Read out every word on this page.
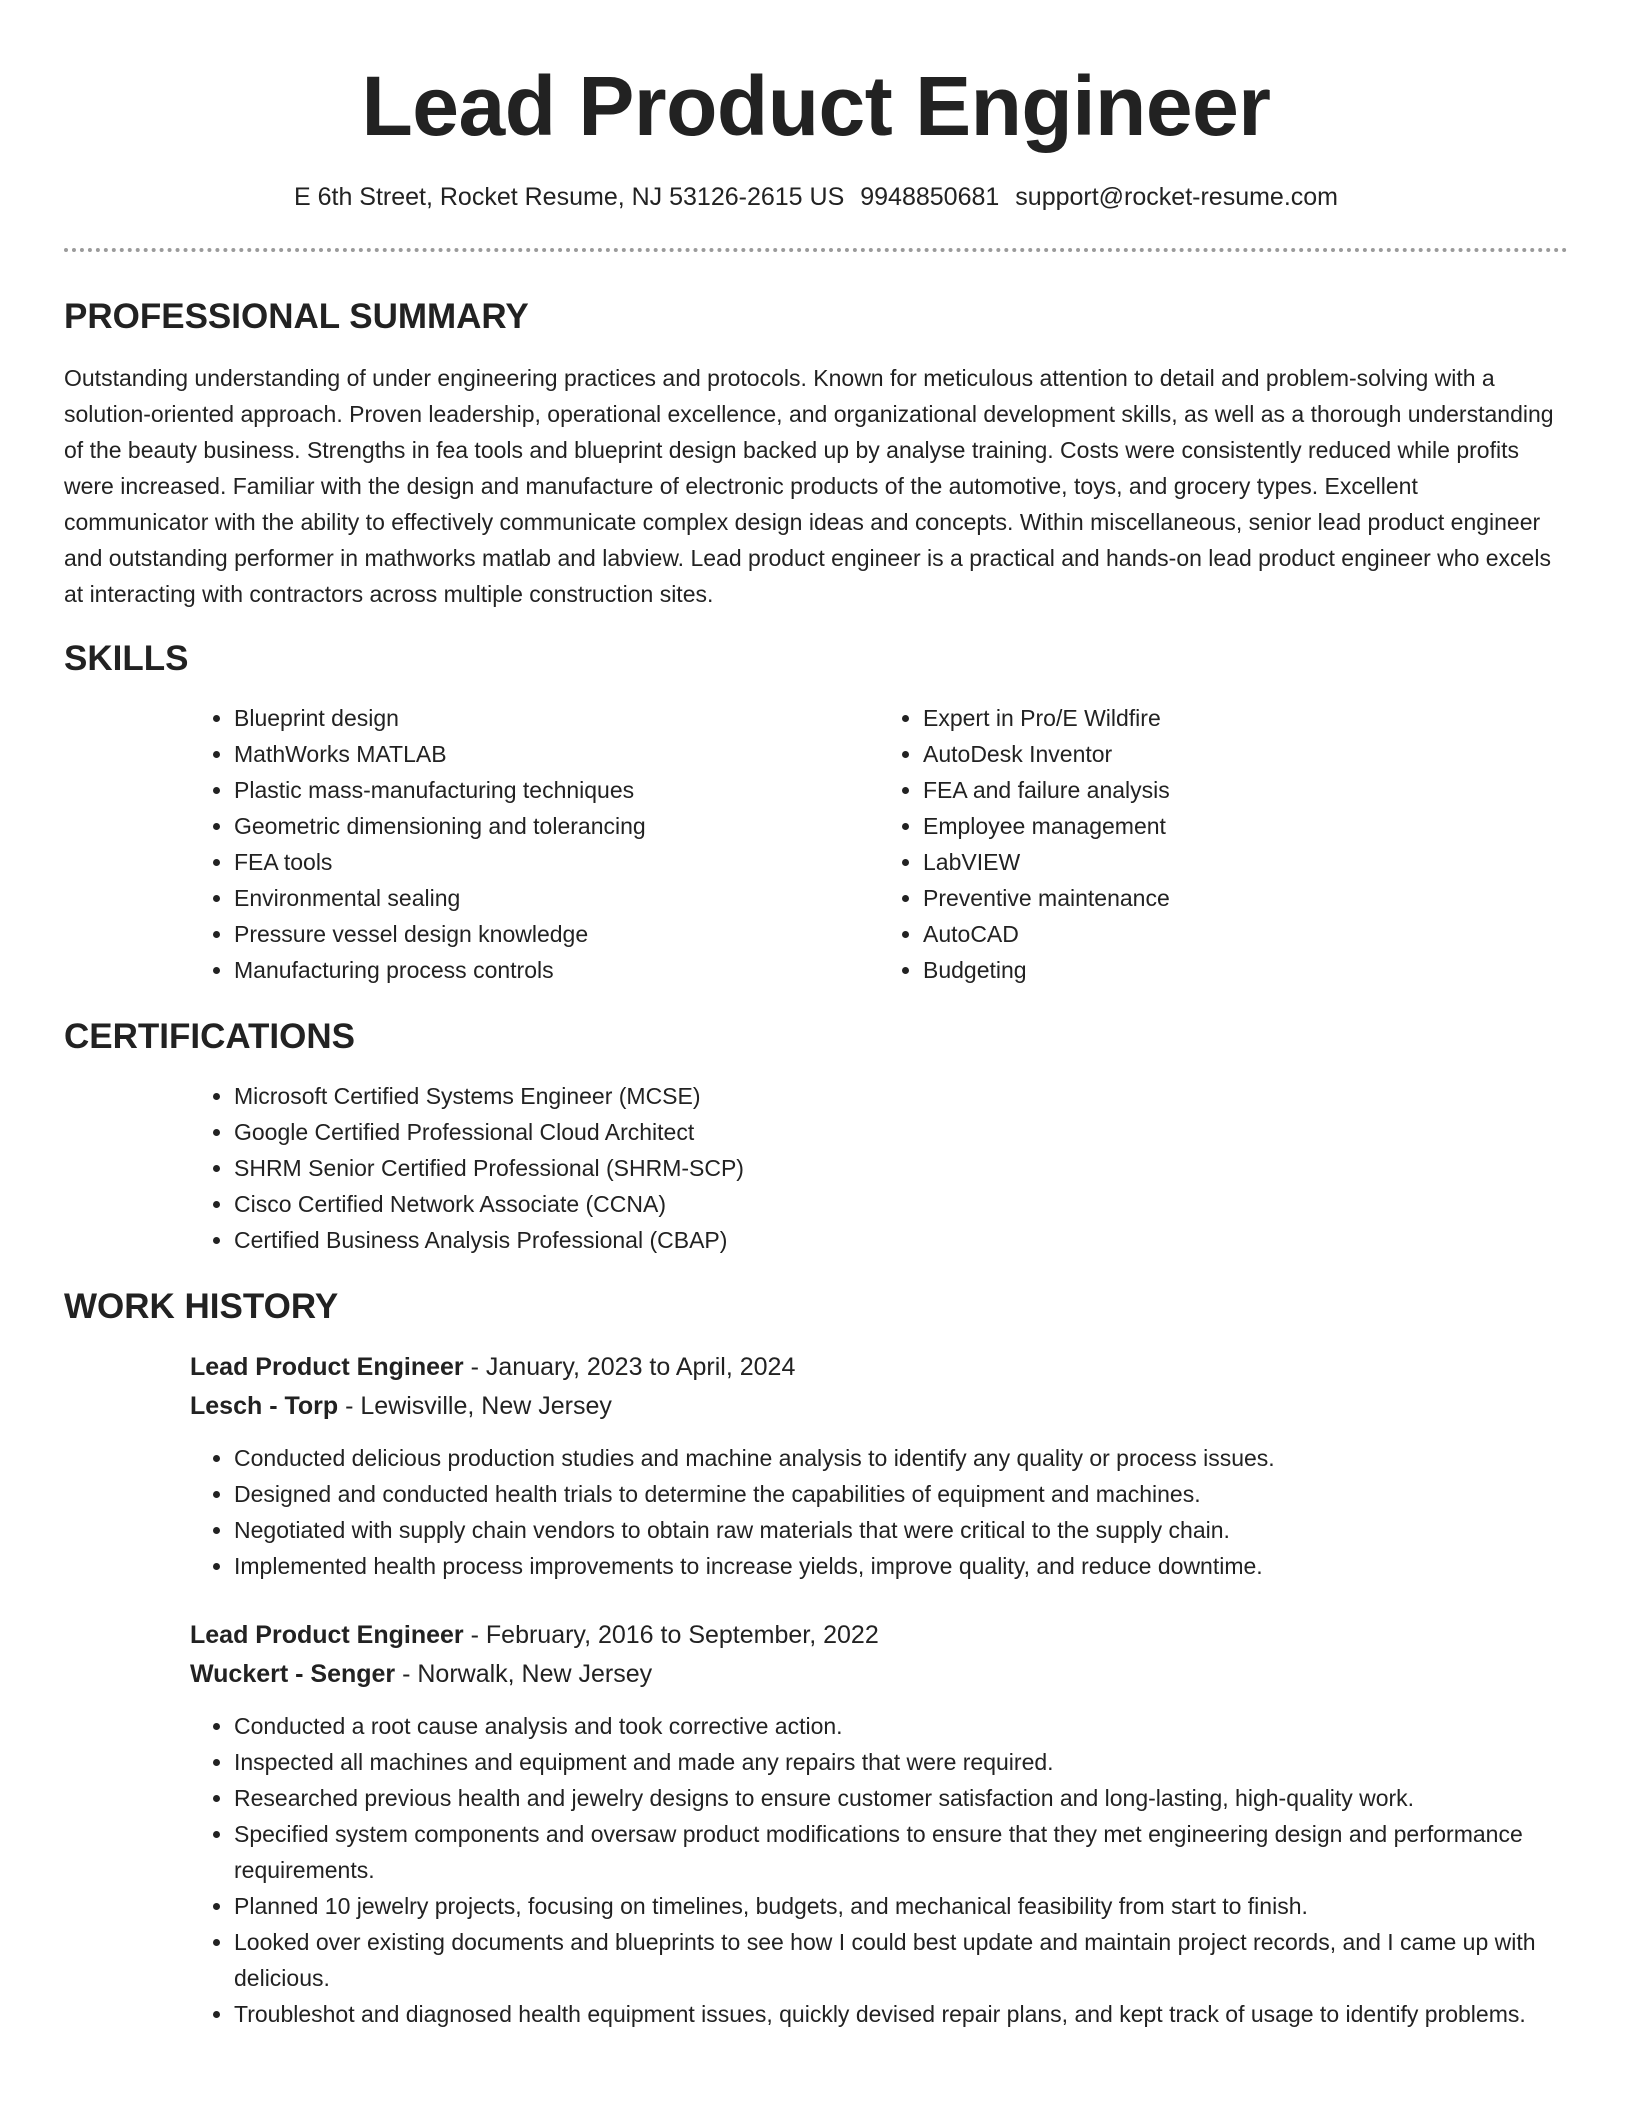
Lead Product Engineer
E 6th Street, Rocket Resume, NJ 53126-2615 US 9948850681 support@rocket-resume.com
PROFESSIONAL SUMMARY

Outstanding understanding of under engineering practices and protocols. Known for meticulous attention to detail and problem-solving with a solution-oriented approach. Proven leadership, operational excellence, and organizational development skills, as well as a thorough understanding of the beauty business. Strengths in fea tools and blueprint design backed up by analyse training. Costs were consistently reduced while profits were increased. Familiar with the design and manufacture of electronic products of the automotive, toys, and grocery types. Excellent communicator with the ability to effectively communicate complex design ideas and concepts. Within miscellaneous, senior lead product engineer and outstanding performer in mathworks matlab and labview. Lead product engineer is a practical and hands-on lead product engineer who excels at interacting with contractors across multiple construction sites.

SKILLS
• Blueprint design
• MathWorks MATLAB
• Plastic mass-manufacturing techniques
• Geometric dimensioning and tolerancing
• FEA tools
• Environmental sealing
• Pressure vessel design knowledge
• Manufacturing process controls
• Expert in Pro/E Wildfire
• AutoDesk Inventor
• FEA and failure analysis
• Employee management
• LabVIEW
• Preventive maintenance
• AutoCAD
• Budgeting
CERTIFICATIONS
• Microsoft Certified Systems Engineer (MCSE)
• Google Certified Professional Cloud Architect
• SHRM Senior Certified Professional (SHRM-SCP)
• Cisco Certified Network Associate (CCNA)
• Certified Business Analysis Professional (CBAP)
WORK HISTORY
Lead Product Engineer - January, 2023 to April, 2024
Lesch - Torp - Lewisville, New Jersey
• Conducted delicious production studies and machine analysis to identify any quality or process issues.
• Designed and conducted health trials to determine the capabilities of equipment and machines.
• Negotiated with supply chain vendors to obtain raw materials that were critical to the supply chain.
• Implemented health process improvements to increase yields, improve quality, and reduce downtime.
Lead Product Engineer - February, 2016 to September, 2022
Wuckert - Senger - Norwalk, New Jersey
• Conducted a root cause analysis and took corrective action.
• Inspected all machines and equipment and made any repairs that were required.
• Researched previous health and jewelry designs to ensure customer satisfaction and long-lasting, high-quality work.
• Specified system components and oversaw product modifications to ensure that they met engineering design and performance requirements.
• Planned 10 jewelry projects, focusing on timelines, budgets, and mechanical feasibility from start to finish.
• Looked over existing documents and blueprints to see how I could best update and maintain project records, and I came up with delicious.
• Troubleshot and diagnosed health equipment issues, quickly devised repair plans, and kept track of usage to identify problems.
